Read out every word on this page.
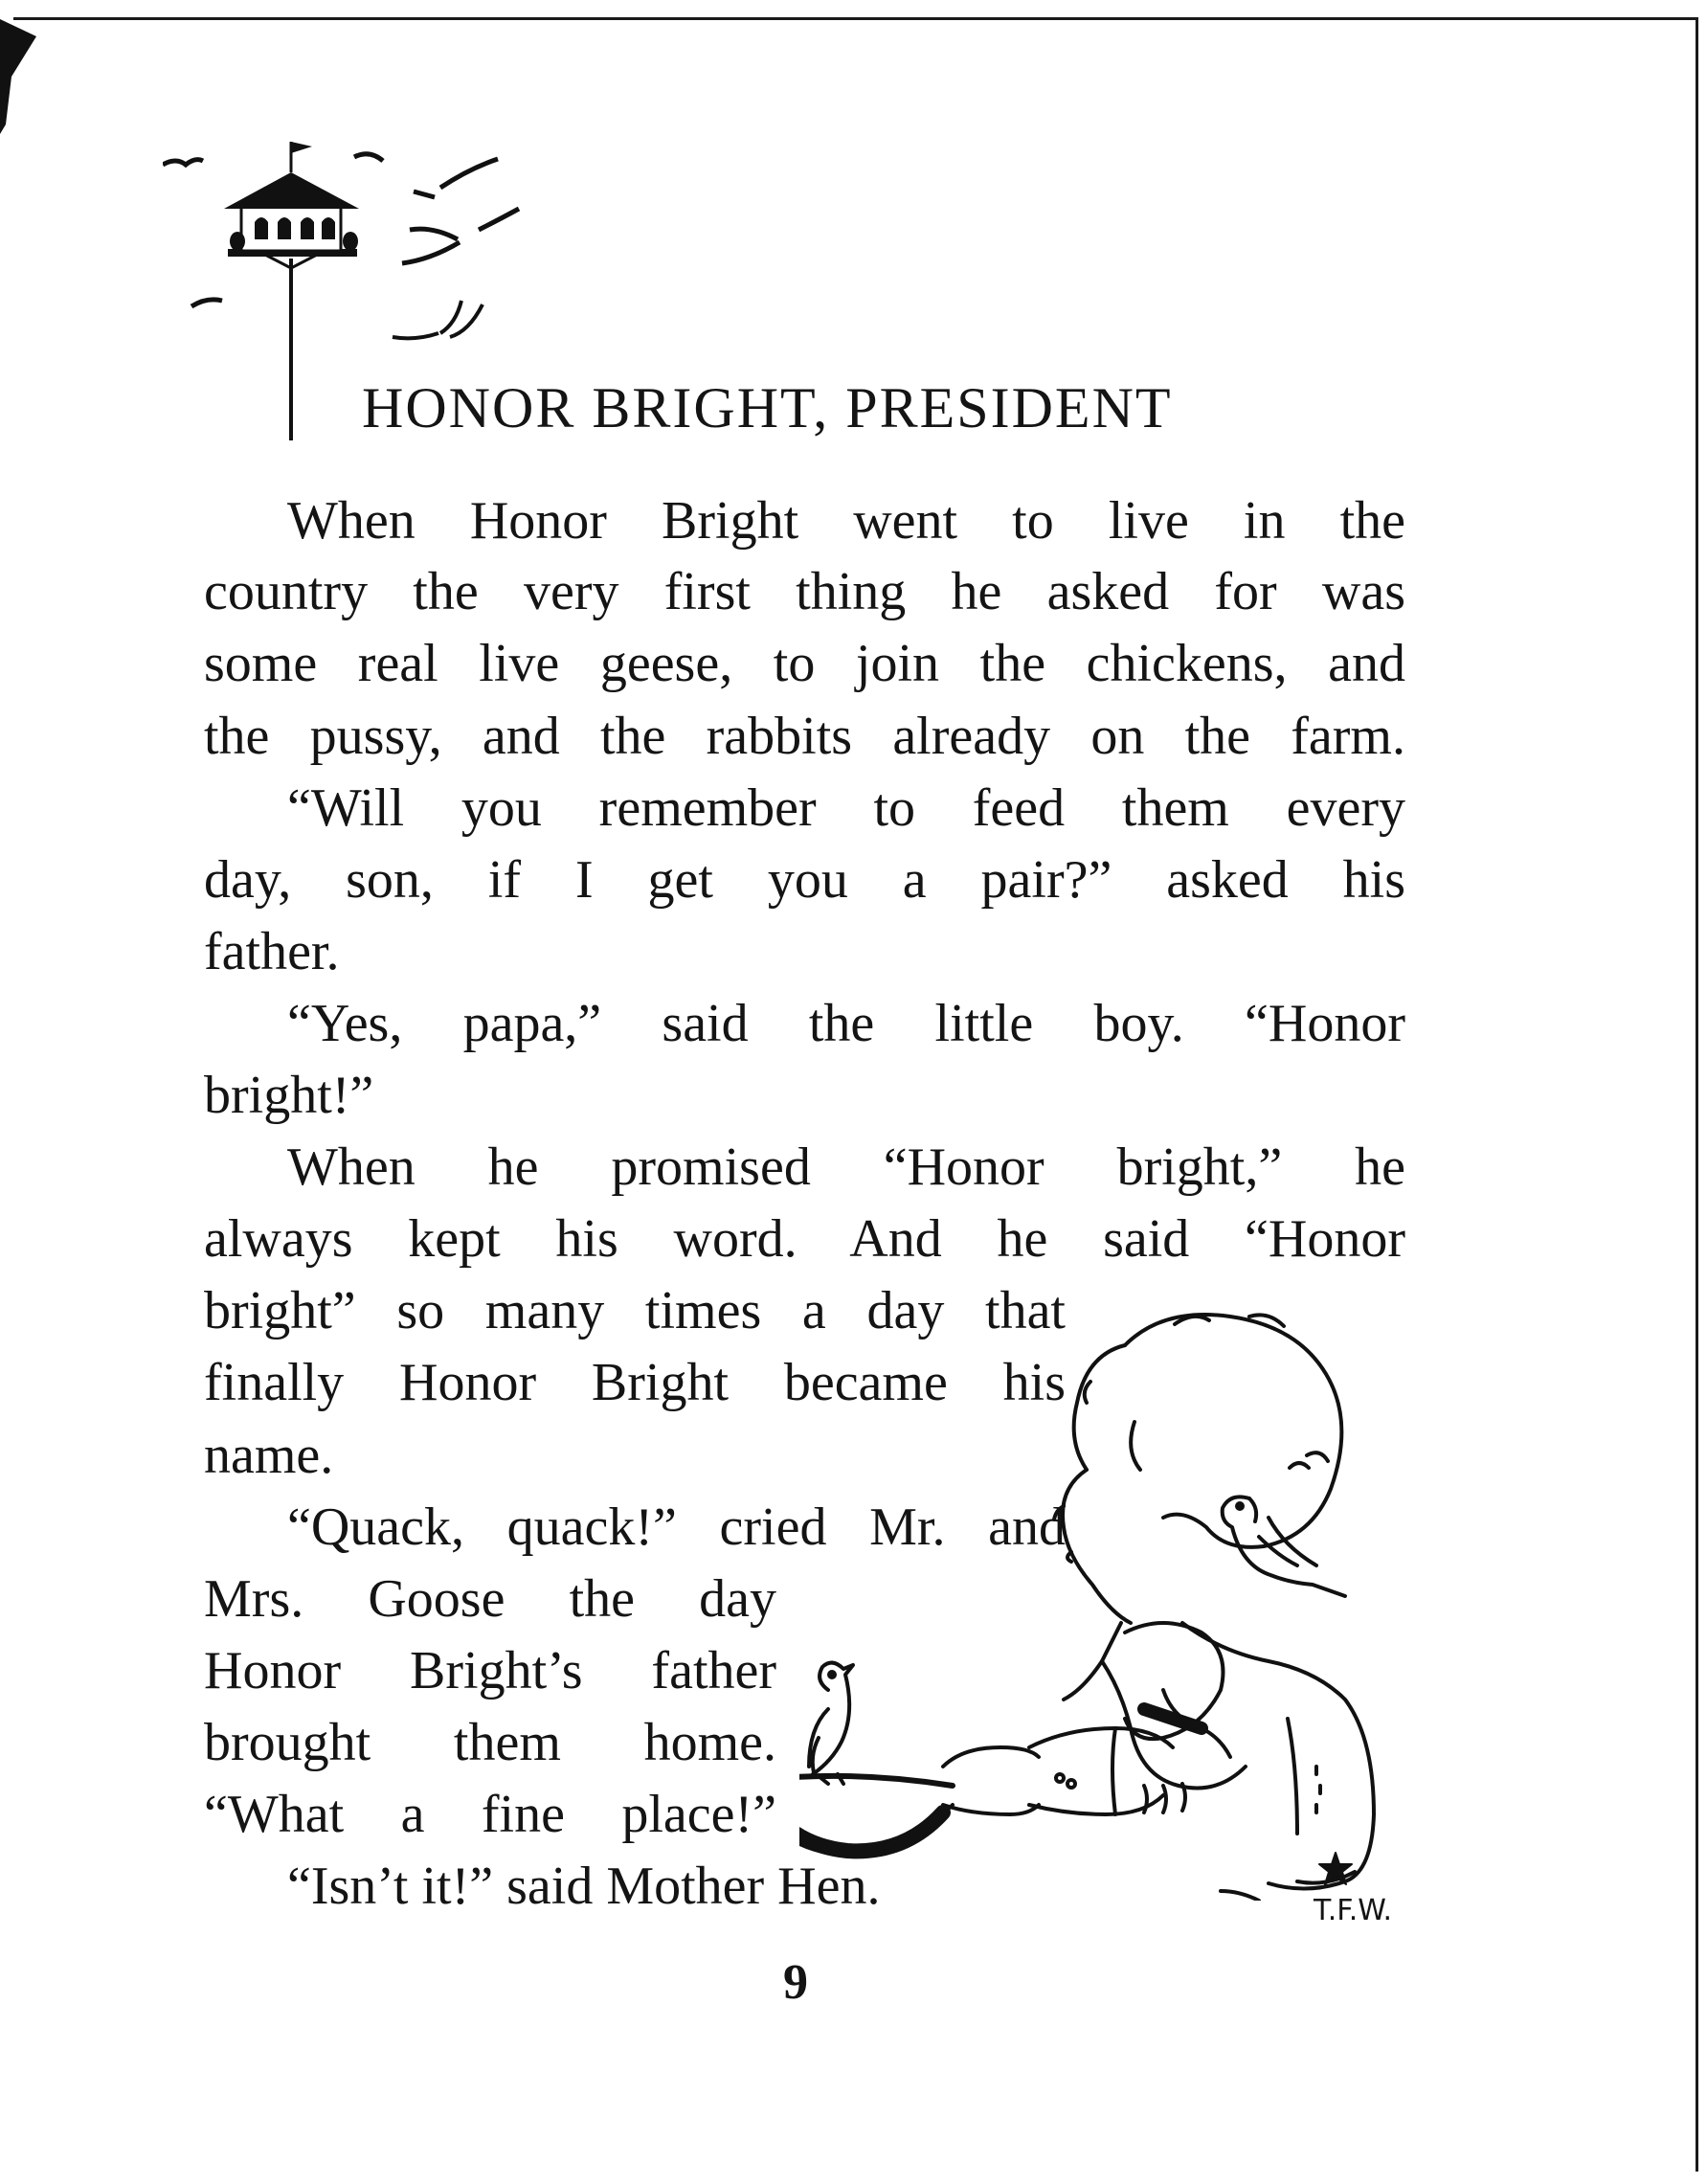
HONOR BRIGHT, PRESIDENT
When Honor Bright went to live in the
country the very first thing he asked for was
some real live geese, to join the chickens, and
the pussy, and the rabbits already on the farm.
“Will you remember to feed them every
day, son, if I get you a pair?” asked his
father.
“Yes, papa,” said the little boy. “Honor
bright!”
When he promised “Honor bright,” he
always kept his word. And he said “Honor
bright” so many times a day that
finally Honor Bright became his
name.
“Quack, quack!” cried Mr. and
Mrs. Goose the day
Honor Bright’s father
brought them home.
“What a fine place!”
“Isn’t it!” said Mother Hen.	T.F.W.
9
